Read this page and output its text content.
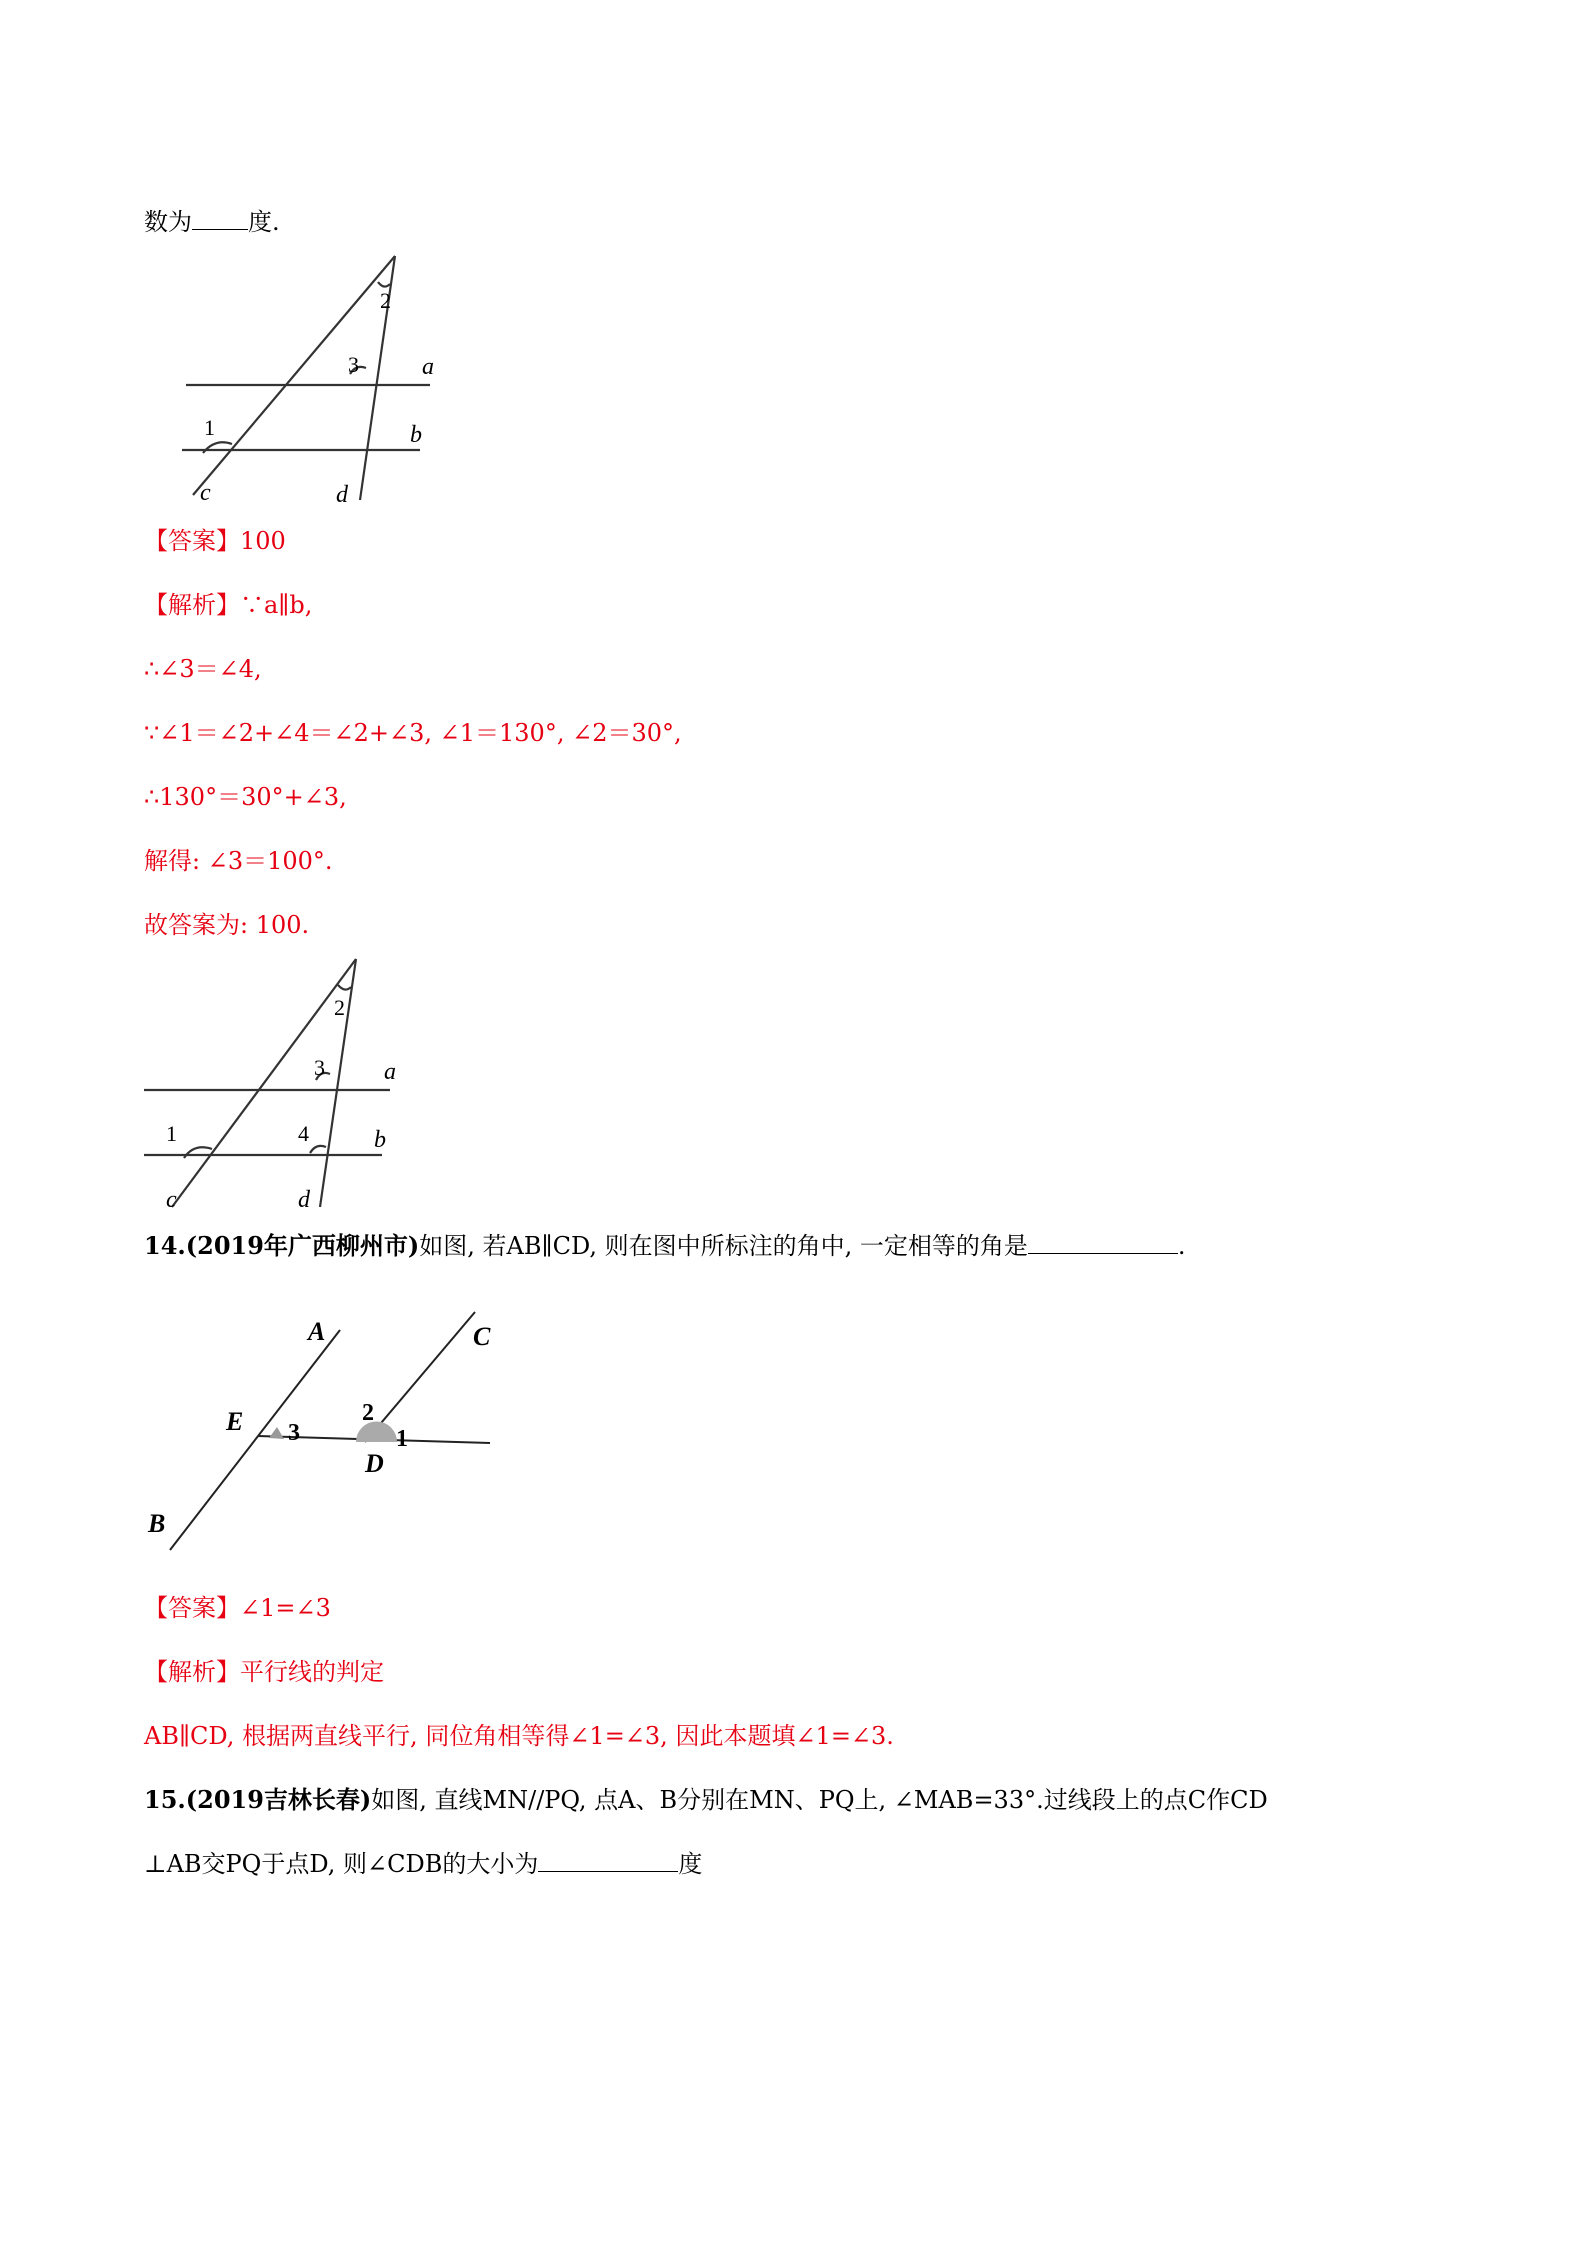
数为 度.
2
3
1
a
b
c	d
【答案】100
【解析】∵a∥b,
∴∠3＝∠4,
∵∠1＝∠2+∠4＝∠2+∠3, ∠1＝130°, ∠2＝30°,
∴130°＝30°+∠3,
解得: ∠3＝100°.
故答案为: 100.
2
3
1	4
a
b
c	d
14.(2019年广西柳州市)如图, 若AB∥CD, 则在图中所标注的角中, 一定相等的角是	.
A
B
C
D
E 3
2
1
【答案】∠1=∠3
【解析】平行线的判定
AB∥CD, 根据两直线平行, 同位角相等得∠1=∠3, 因此本题填∠1=∠3.
15.(2019吉林长春)如图, 直线MN//PQ, 点A、B分别在MN、PQ上, ∠MAB=33°.过线段上的点C作CD
⊥AB交PQ于点D, 则∠CDB的大小为	度
